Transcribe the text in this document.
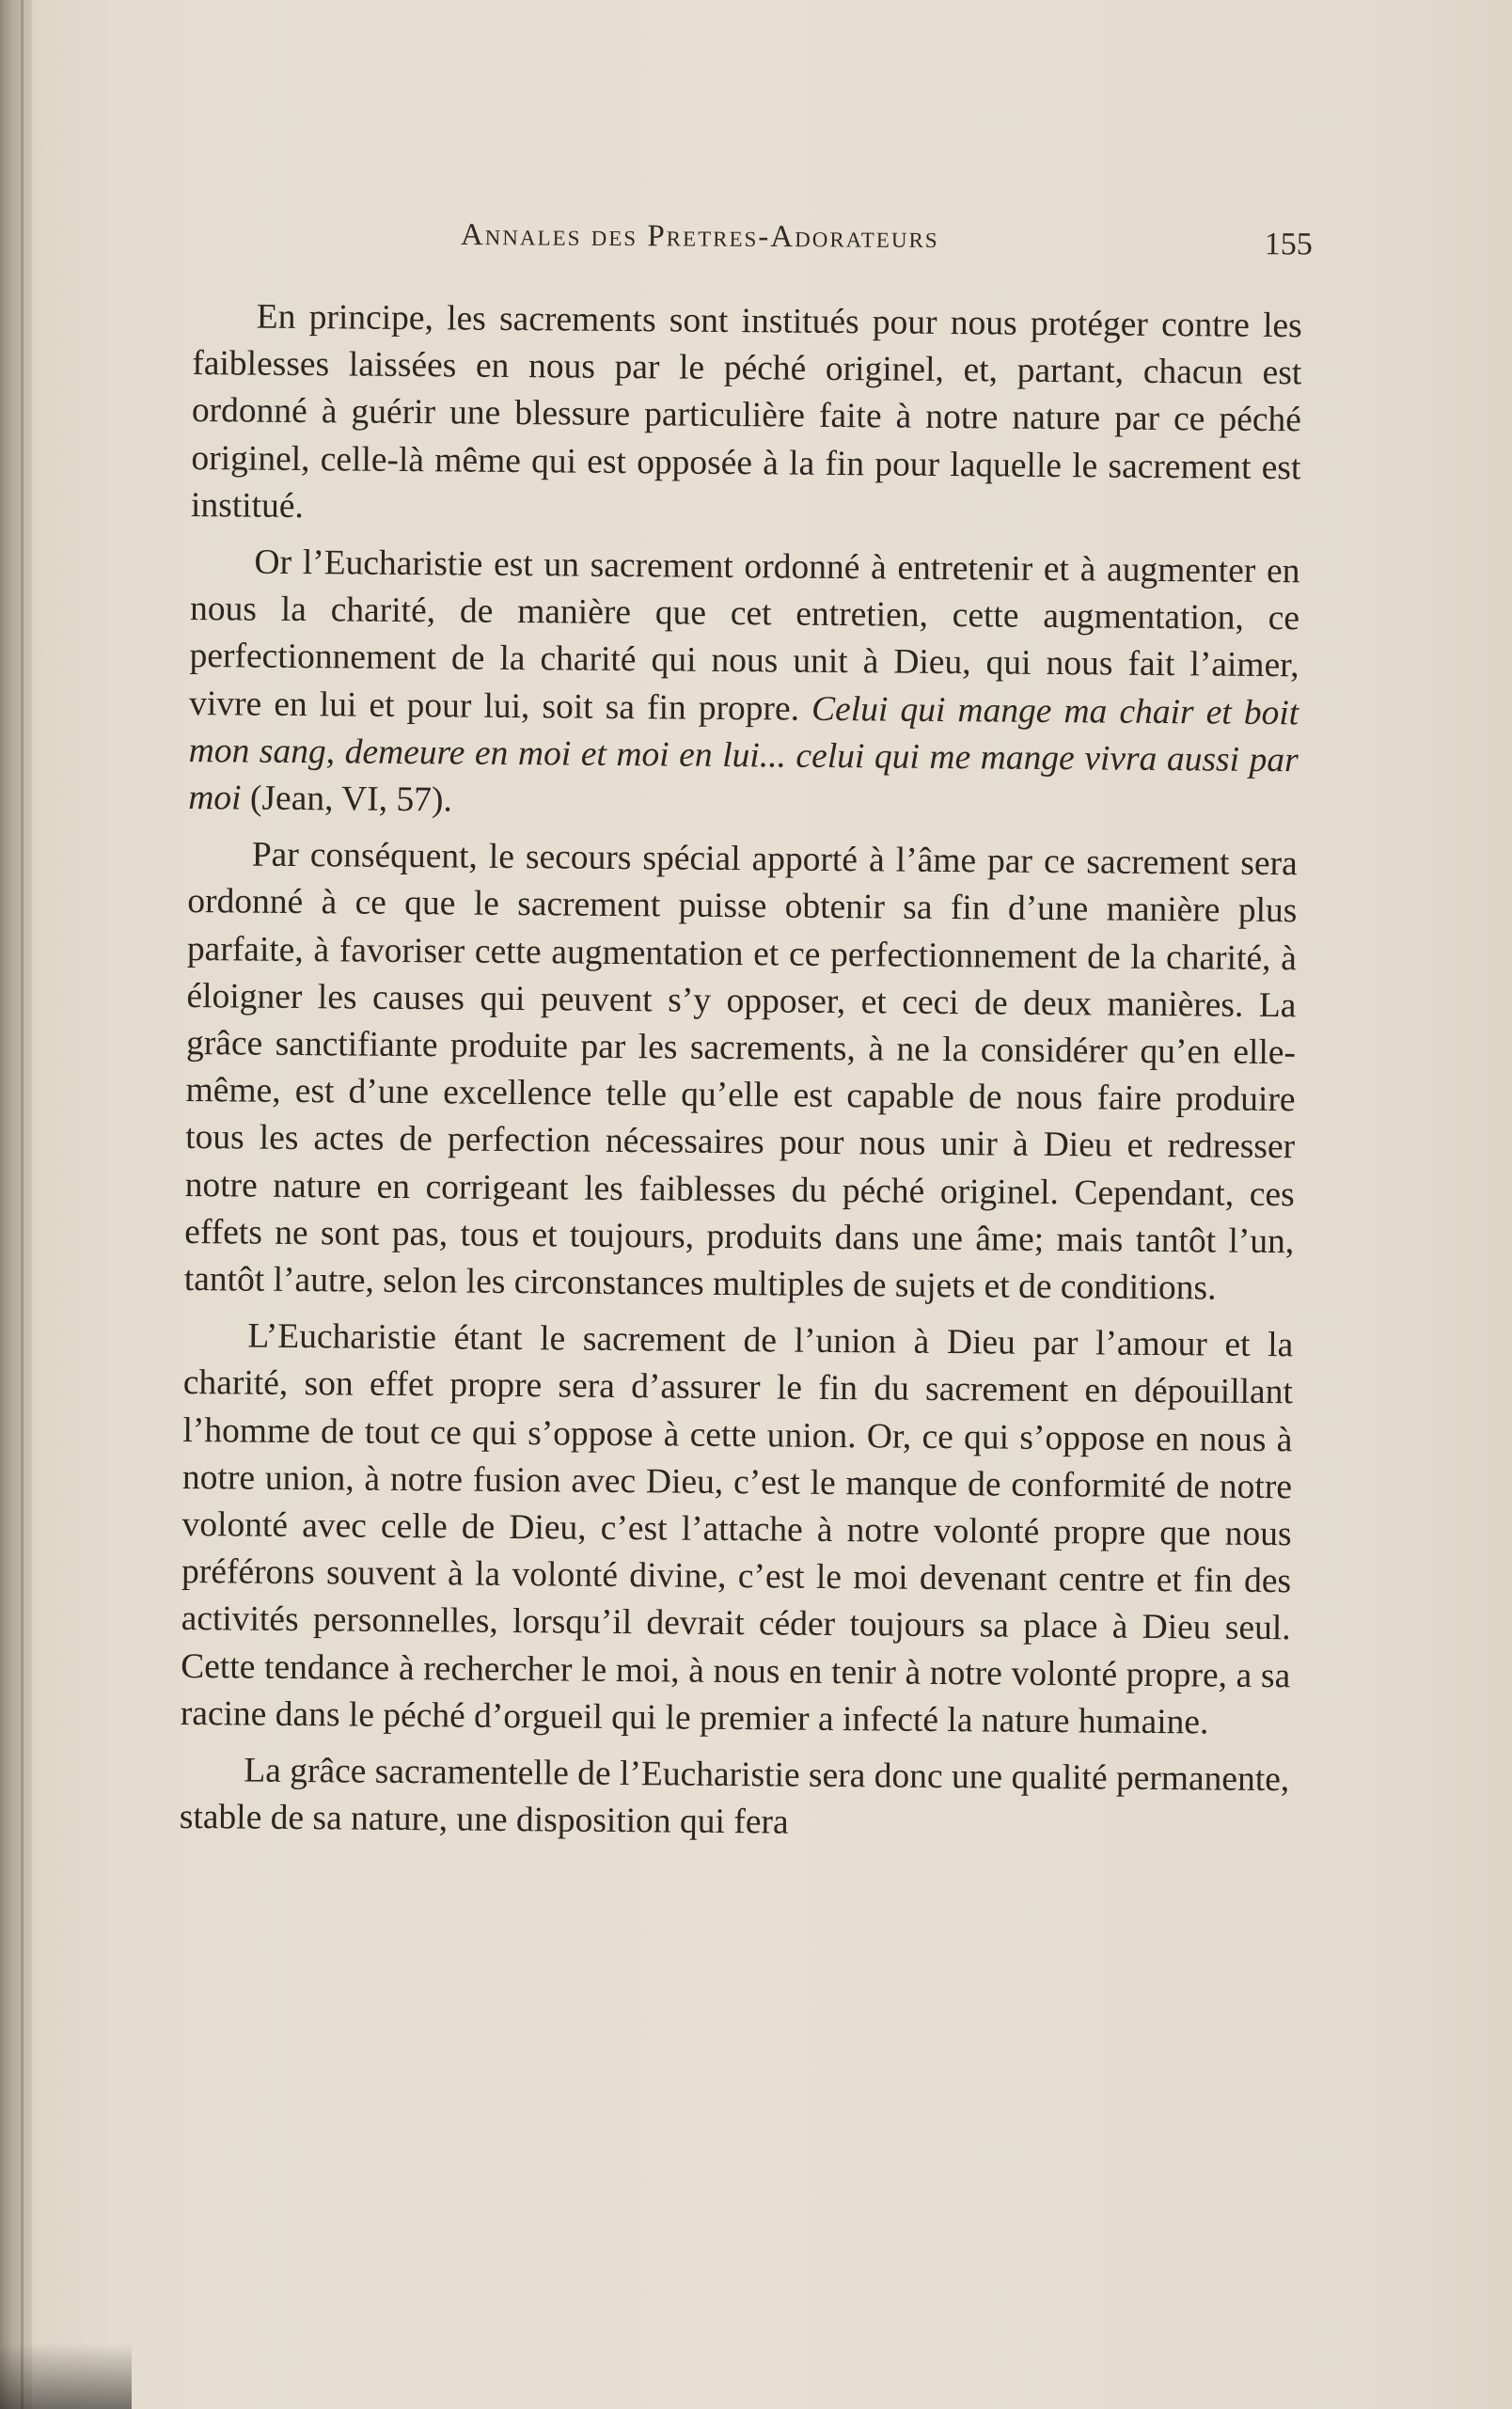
Annales des Pretres-Adorateurs	155

En principe, les sacrements sont institués pour nous protéger contre les faiblesses laissées en nous par le péché originel, et, partant, chacun est ordonné à guérir une blessure particulière faite à notre nature par ce péché originel, celle-là même qui est opposée à la fin pour laquelle le sacrement est institué.

Or l’Eucharistie est un sacrement ordonné à entretenir et à augmenter en nous la charité, de manière que cet entretien, cette augmentation, ce perfectionnement de la charité qui nous unit à Dieu, qui nous fait l’aimer, vivre en lui et pour lui, soit sa fin propre. Celui qui mange ma chair et boit mon sang, demeure en moi et moi en lui... celui qui me mange vivra aussi par moi (Jean, VI, 57).

Par conséquent, le secours spécial apporté à l’âme par ce sacrement sera ordonné à ce que le sacrement puisse obtenir sa fin d’une manière plus parfaite, à favoriser cette augmentation et ce perfectionnement de la charité, à éloigner les causes qui peuvent s’y opposer, et ceci de deux manières. La grâce sanctifiante produite par les sacrements, à ne la considérer qu’en elle-même, est d’une excellence telle qu’elle est capable de nous faire produire tous les actes de perfection nécessaires pour nous unir à Dieu et redresser notre nature en corrigeant les faiblesses du péché originel. Cependant, ces effets ne sont pas, tous et toujours, produits dans une âme; mais tantôt l’un, tantôt l’autre, selon les circonstances multiples de sujets et de conditions.

L’Eucharistie étant le sacrement de l’union à Dieu par l’amour et la charité, son effet propre sera d’assurer le fin du sacrement en dépouillant l’homme de tout ce qui s’oppose à cette union. Or, ce qui s’oppose en nous à notre union, à notre fusion avec Dieu, c’est le manque de conformité de notre volonté avec celle de Dieu, c’est l’attache à notre volonté propre que nous préférons souvent à la volonté divine, c’est le moi devenant centre et fin des activités personnelles, lorsqu’il devrait céder toujours sa place à Dieu seul. Cette tendance à rechercher le moi, à nous en tenir à notre volonté propre, a sa racine dans le péché d’orgueil qui le premier a infecté la nature humaine.

La grâce sacramentelle de l’Eucharistie sera donc une qualité permanente, stable de sa nature, une disposition qui fera
